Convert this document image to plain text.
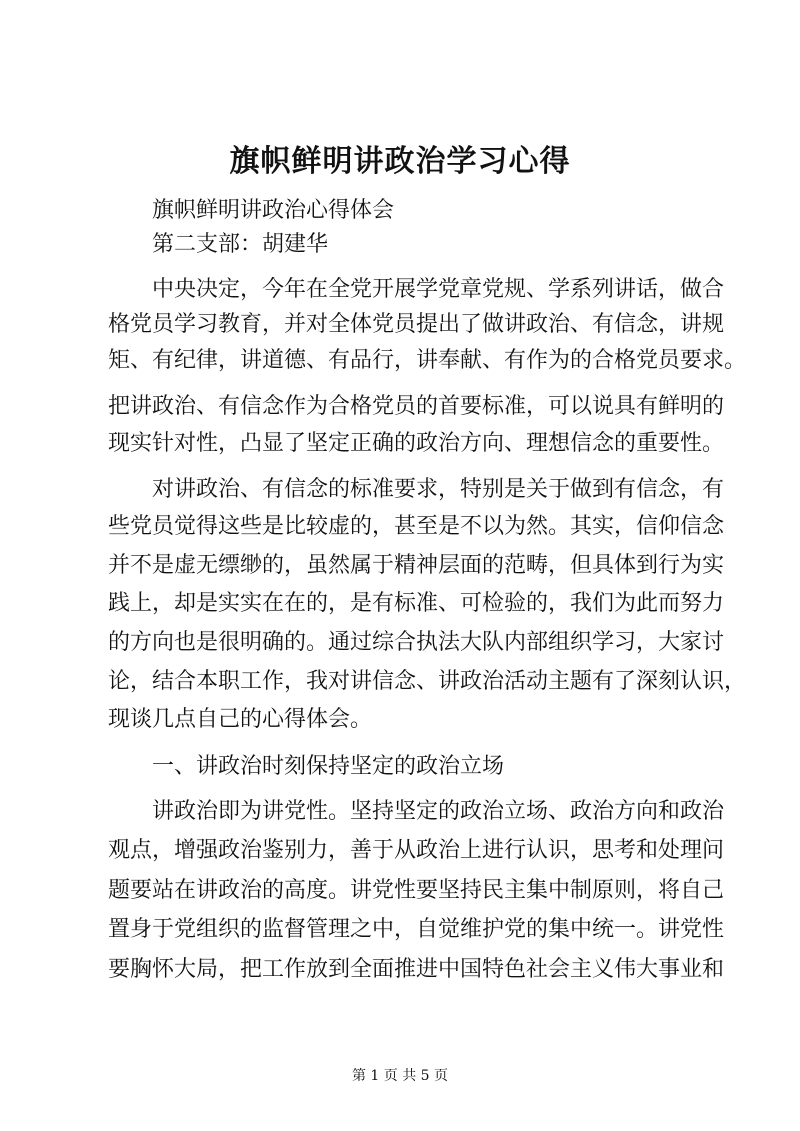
旗帜鲜明讲政治学习心得

旗帜鲜明讲政治心得体会

第二支部：胡建华

中央决定，今年在全党开展学党章党规、学系列讲话，做合

格党员学习教育，并对全体党员提出了做讲政治、有信念，讲规

矩、有纪律，讲道德、有品行，讲奉献、有作为的合格党员要求。

把讲政治、有信念作为合格党员的首要标准，可以说具有鲜明的

现实针对性，凸显了坚定正确的政治方向、理想信念的重要性。

对讲政治、有信念的标准要求，特别是关于做到有信念，有

些党员觉得这些是比较虚的，甚至是不以为然。其实，信仰信念

并不是虚无缥缈的，虽然属于精神层面的范畴，但具体到行为实

践上，却是实实在在的，是有标准、可检验的，我们为此而努力

的方向也是很明确的。通过综合执法大队内部组织学习，大家讨

论，结合本职工作，我对讲信念、讲政治活动主题有了深刻认识，

现谈几点自己的心得体会。

一、讲政治时刻保持坚定的政治立场

讲政治即为讲党性。坚持坚定的政治立场、政治方向和政治

观点，增强政治鉴别力，善于从政治上进行认识，思考和处理问

题要站在讲政治的高度。讲党性要坚持民主集中制原则，将自己

置身于党组织的监督管理之中，自觉维护党的集中统一。讲党性

要胸怀大局，把工作放到全面推进中国特色社会主义伟大事业和

第 1 页 共 5 页
